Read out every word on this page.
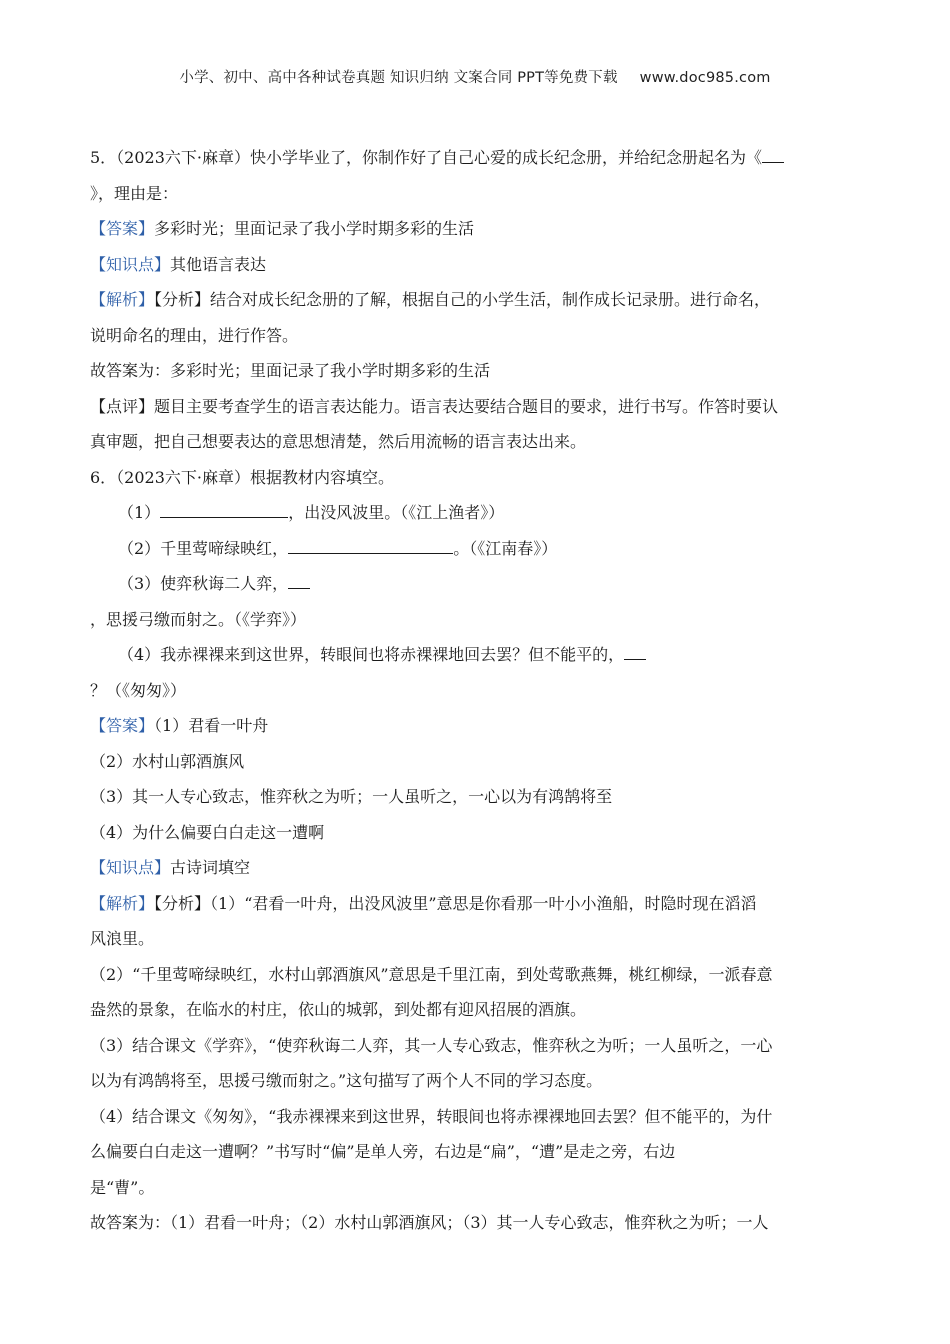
小学、初中、高中各种试卷真题 知识归纳 文案合同 PPT等免费下载 www.doc985.com
5．（2023六下·麻章）快小学毕业了，你制作好了自己心爱的成长纪念册，并给纪念册起名为《
》，理由是：
【答案】多彩时光；里面记录了我小学时期多彩的生活
【知识点】其他语言表达
【解析】【分析】结合对成长纪念册的了解，根据自己的小学生活，制作成长记录册。进行命名，
说明命名的理由，进行作答。
故答案为：多彩时光；里面记录了我小学时期多彩的生活
【点评】题目主要考查学生的语言表达能力。语言表达要结合题目的要求，进行书写。作答时要认
真审题，把自己想要表达的意思想清楚，然后用流畅的语言表达出来。
6．（2023六下·麻章）根据教材内容填空。
（1）	，出没风波里。（《江上渔者》）
（2）千里莺啼绿映红，	。（《江南春》）
（3）使弈秋诲二人弈，
，思援弓缴而射之。（《学弈》）
（4）我赤裸裸来到这世界，转眼间也将赤裸裸地回去罢？但不能平的，
？（《匆匆》）
【答案】（1）君看一叶舟
（2）水村山郭酒旗风
（3）其一人专心致志，惟弈秋之为听；一人虽听之，一心以为有鸿鹄将至
（4）为什么偏要白白走这一遭啊
【知识点】古诗词填空
【解析】【分析】（1）“君看一叶舟，出没风波里”意思是你看那一叶小小渔船，时隐时现在滔滔
风浪里。
（2）“千里莺啼绿映红，水村山郭酒旗风”意思是千里江南，到处莺歌燕舞，桃红柳绿，一派春意
盎然的景象，在临水的村庄，依山的城郭，到处都有迎风招展的酒旗。
（3）结合课文《学弈》，“使弈秋诲二人弈，其一人专心致志，惟弈秋之为听；一人虽听之，一心
以为有鸿鹄将至，思援弓缴而射之。”这句描写了两个人不同的学习态度。
（4）结合课文《匆匆》，“我赤裸裸来到这世界，转眼间也将赤裸裸地回去罢？但不能平的，为什
么偏要白白走这一遭啊？”书写时“偏”是单人旁，右边是“扁”，“遭”是走之旁，右边
是“曹”。
故答案为：（1）君看一叶舟；（2）水村山郭酒旗风；（3）其一人专心致志，惟弈秋之为听；一人
